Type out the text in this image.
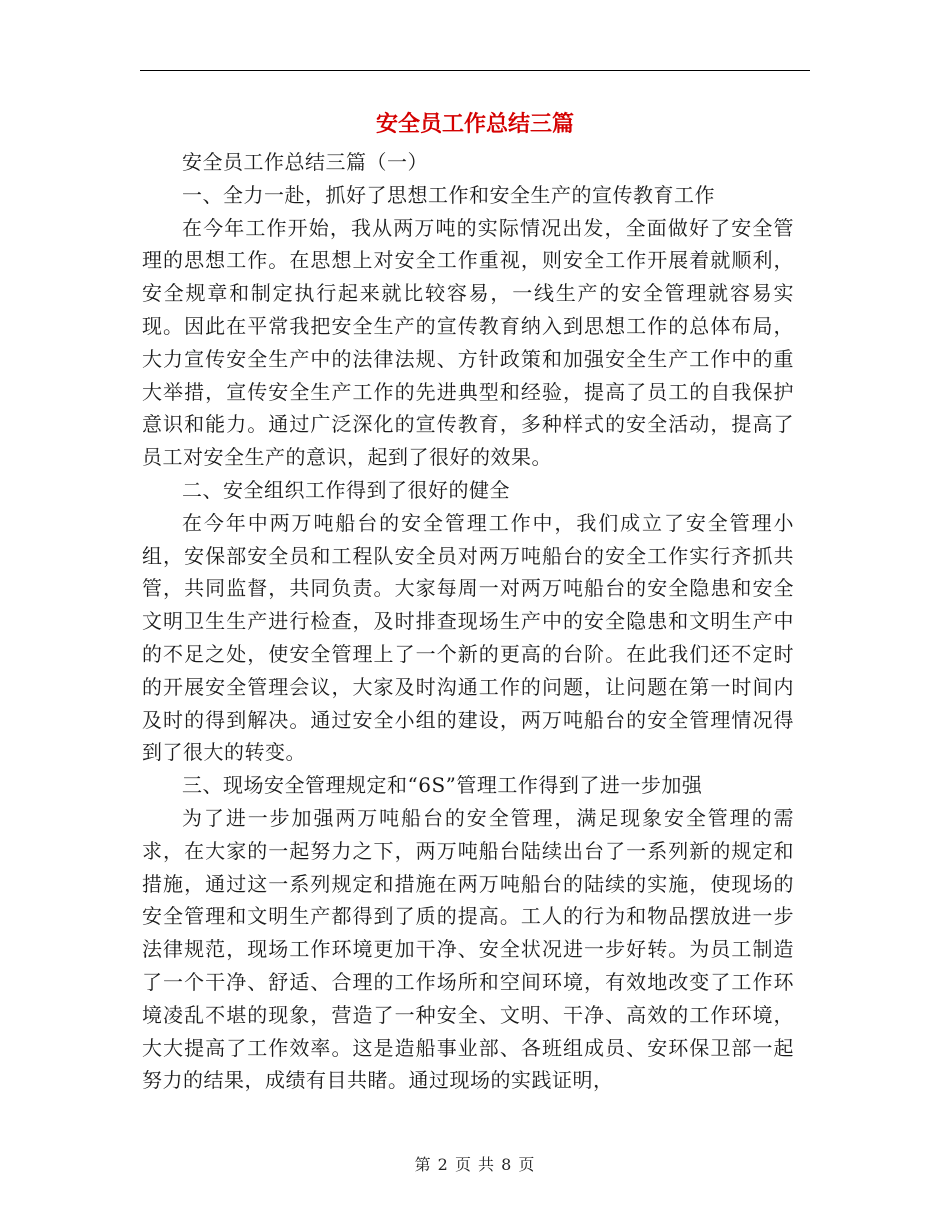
安全员工作总结三篇

安全员工作总结三篇（一）

一、全力一赴，抓好了思想工作和安全生产的宣传教育工作

在今年工作开始，我从两万吨的实际情况出发，全面做好了安全管理的思想工作。在思想上对安全工作重视，则安全工作开展着就顺利，安全规章和制定执行起来就比较容易，一线生产的安全管理就容易实现。因此在平常我把安全生产的宣传教育纳入到思想工作的总体布局，大力宣传安全生产中的法律法规、方针政策和加强安全生产工作中的重大举措，宣传安全生产工作的先进典型和经验，提高了员工的自我保护意识和能力。通过广泛深化的宣传教育，多种样式的安全活动，提高了员工对安全生产的意识，起到了很好的效果。

二、安全组织工作得到了很好的健全

在今年中两万吨船台的安全管理工作中，我们成立了安全管理小组，安保部安全员和工程队安全员对两万吨船台的安全工作实行齐抓共管，共同监督，共同负责。大家每周一对两万吨船台的安全隐患和安全文明卫生生产进行检查，及时排查现场生产中的安全隐患和文明生产中的不足之处，使安全管理上了一个新的更高的台阶。在此我们还不定时的开展安全管理会议，大家及时沟通工作的问题，让问题在第一时间内及时的得到解决。通过安全小组的建设，两万吨船台的安全管理情况得到了很大的转变。

三、现场安全管理规定和“6S”管理工作得到了进一步加强

为了进一步加强两万吨船台的安全管理，满足现象安全管理的需求，在大家的一起努力之下，两万吨船台陆续出台了一系列新的规定和措施，通过这一系列规定和措施在两万吨船台的陆续的实施，使现场的安全管理和文明生产都得到了质的提高。工人的行为和物品摆放进一步法律规范，现场工作环境更加干净、安全状况进一步好转。为员工制造了一个干净、舒适、合理的工作场所和空间环境，有效地改变了工作环境凌乱不堪的现象，营造了一种安全、文明、干净、高效的工作环境，大大提高了工作效率。这是造船事业部、各班组成员、安环保卫部一起努力的结果，成绩有目共睹。通过现场的实践证明，

第 2 页 共 8 页
